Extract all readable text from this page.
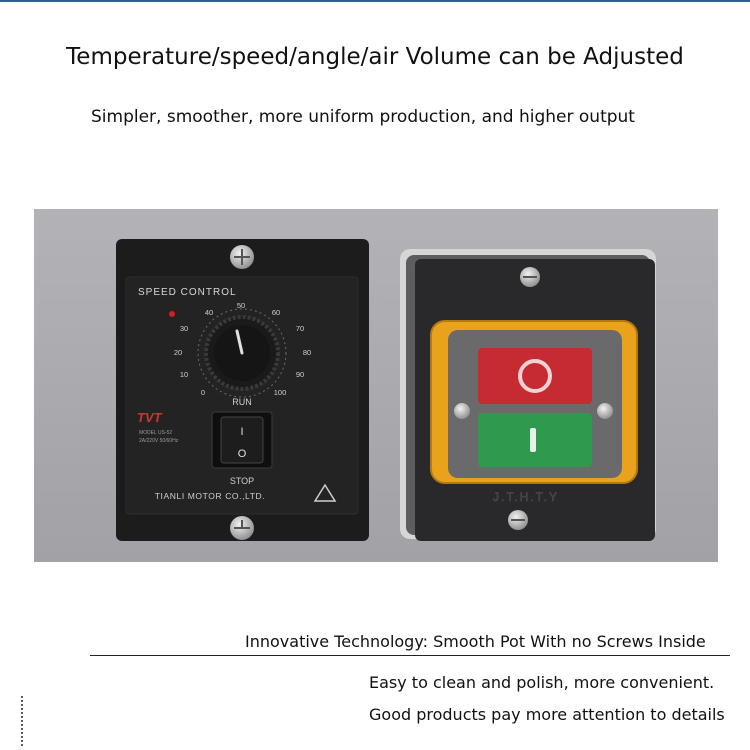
Temperature/speed/angle/air Volume can be Adjusted
Simpler, smoother, more uniform production, and higher output
SPEED CONTROL
0
10
20
30
40
50
60
70
80
90
100
RUN
TVT
MODEL US-52
2A/220V 50/60Hz
I
O
STOP
TIANLI MOTOR CO.,LTD.	J.T.H.T.Y
Innovative Technology: Smooth Pot With no Screws Inside
Easy to clean and polish, more convenient.
Good products pay more attention to details
